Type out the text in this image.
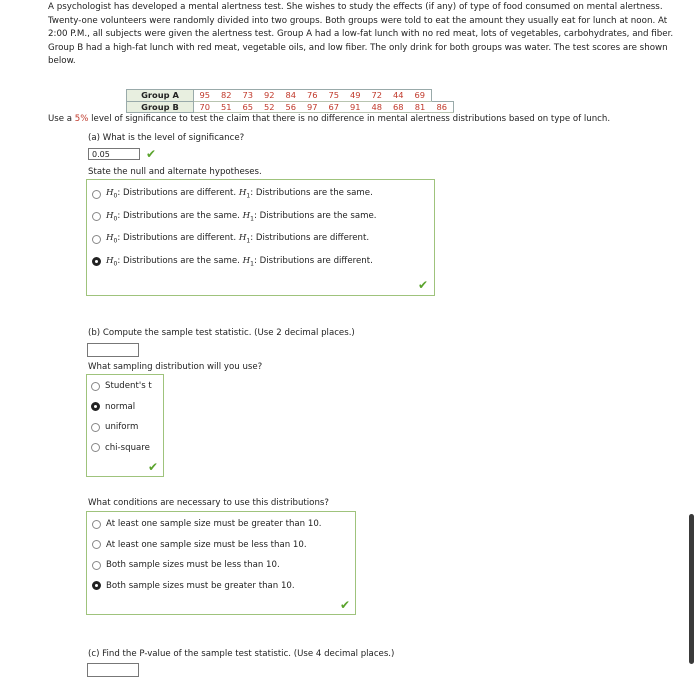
A psychologist has developed a mental alertness test. She wishes to study the effects (if any) of type of food consumed on mental alertness. Twenty-one volunteers were randomly divided into two groups. Both groups were told to eat the amount they usually eat for lunch at noon. At 2:00 P.M., all subjects were given the alertness test. Group A had a low-fat lunch with no red meat, lots of vegetables, carbohydrates, and fiber. Group B had a high-fat lunch with red meat, vegetable oils, and low fiber. The only drink for both groups was water. The test scores are shown below.
Group A	95	82	73	92	84	76	75	49	72	44	69	
Group B	70	51	65	52	56	97	67	91	48	68	81	86
Use a 5% level of significance to test the claim that there is no difference in mental alertness distributions based on type of lunch.
(a) What is the level of significance?
0.05	✔
State the null and alternate hypotheses.
$H_0$: Distributions are different. $H_1$: Distributions are the same.
$H_0$: Distributions are the same. $H_1$: Distributions are the same.
$H_0$: Distributions are different. $H_1$: Distributions are different.
$H_0$: Distributions are the same. $H_1$: Distributions are different.
✔
(b) Compute the sample test statistic. (Use 2 decimal places.)
What sampling distribution will you use?
Student's t
normal
uniform
chi-square
✔
What conditions are necessary to use this distributions?
At least one sample size must be greater than 10.
At least one sample size must be less than 10.
Both sample sizes must be less than 10.
Both sample sizes must be greater than 10.
✔
(c) Find the P-value of the sample test statistic. (Use 4 decimal places.)
